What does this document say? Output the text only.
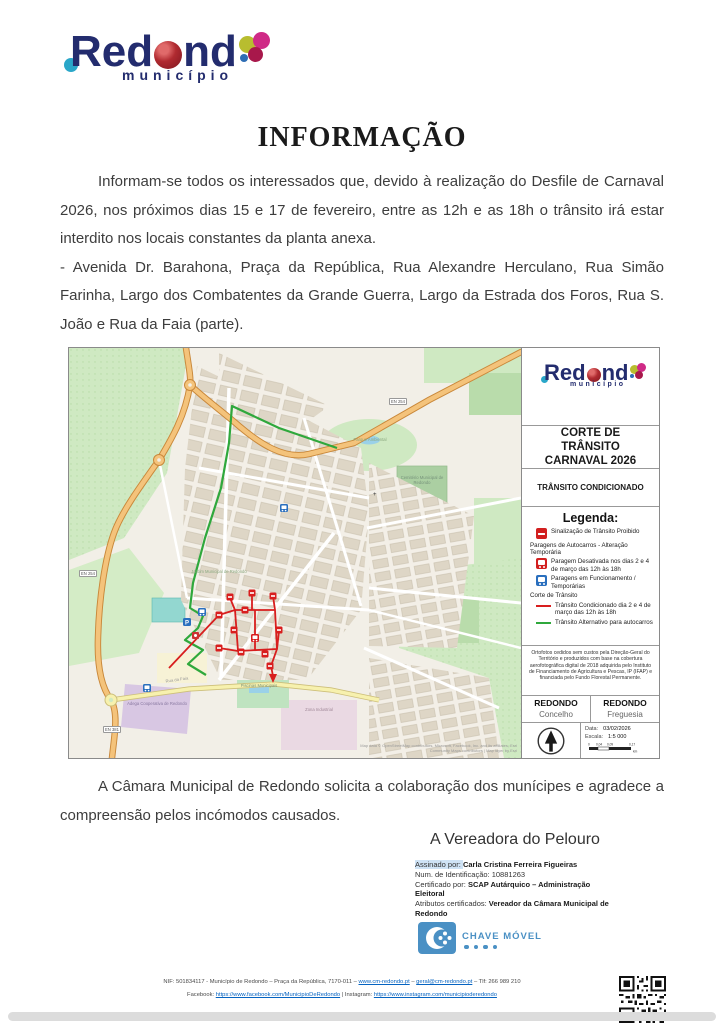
Red nd
município
INFORMAÇÃO

Informam-se todos os interessados que, devido à realização do Desfile de Carnaval 2026, nos próximos dias 15 e 17 de fevereiro, entre as 12h e as 18h o trânsito irá estar interdito nos locais constantes da planta anexa.

- Avenida Dr. Barahona, Praça da República, Rua Alexandre Herculano, Rua Simão Farinha, Largo dos Combatentes da Grande Guerra, Largo da Estrada dos Foros, Rua S. João e Rua da Faia (parte).

P
+
EN 254
EN 254
EN 381
Parque Ambiental
Cemitério Municipal de Redondo
Jardim Municipal de Redondo
Piscinas Municipais
Adega Cooperativa de Redondo
Zona Industrial
Rua da Faia
Map data © OpenStreetMap contributors, Microsoft, Facebook, Inc. and its affiliates, Esri Community Maps contributors | Map layer by Esri
Red nd
município
CORTE DE TRÂNSITO CARNAVAL 2026
TRÂNSITO CONDICIONADO
Legenda:
Sinalização de Trânsito Proibido
Paragens de Autocarros - Alteração Temporária
Paragem Desativada nos dias 2 e 4 de março das 12h às 18h
Paragens em Funcionamento / Temporárias
Corte de Trânsito
Trânsito Condicionado dia 2 e 4 de março das 12h às 18h
Trânsito Alternativo para autocarros
Ortofotos cedidos sem custos pela Direção-Geral do Território e produzidos com base na cobertura aerofotográfica digital de 2018 adquirida pelo Instituto de Financiamento de Agricultura e Pescas, IP (IFAP) e financiada pelo Fundo Florestal Permanente.
REDONDO
Concelho
REDONDO
Freguesia
Data: 03/02/2026
Escala: 1:5 000
0 0,04 0,09	0,17
km

A Câmara Municipal de Redondo solicita a colaboração dos munícipes e agradece a compreensão pelos incómodos causados.

A Vereadora do Pelouro
Assinado por: Carla Cristina Ferreira Figueiras
Num. de Identificação: 10881263
Certificado por: SCAP Autárquico – Administração Eleitoral
Atributos certificados: Vereador da Câmara Municipal de Redondo
CHAVE MÓVEL
NIF: 501834117 - Município de Redondo – Praça da República, 7170-011 – www.cm-redondo.pt – geral@cm-redondo.pt – Tlf: 266 989 210
Facebook: https://www.facebook.com/MunicipioDeRedondo | Instagram: https://www.instagram.com/municipioderedondo
